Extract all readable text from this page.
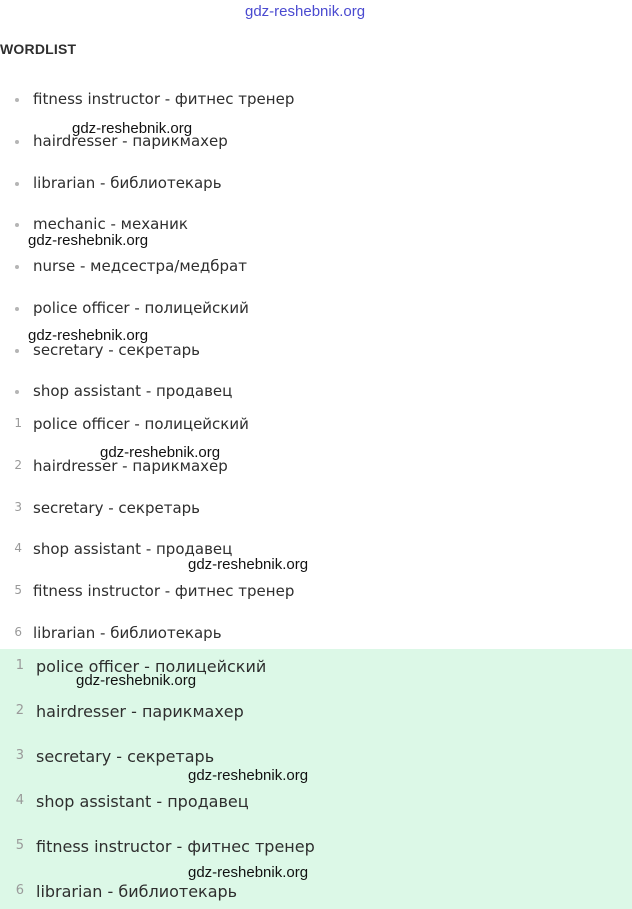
gdz-reshebnik.org
WORDLIST
fitness instructor - фитнес тренер
hairdresser - парикмахер
librarian - библиотекарь
mechanic - механик
nurse - медсестра/медбрат
police officer - полицейский
secretary - секретарь
shop assistant - продавец
1 police officer - полицейский
2 hairdresser - парикмахер
3 secretary - секретарь
4 shop assistant - продавец
5 fitness instructor - фитнес тренер
6 librarian - библиотекарь
1 police officer - полицейский
2 hairdresser - парикмахер
3 secretary - секретарь
4 shop assistant - продавец
5 fitness instructor - фитнес тренер
6 librarian - библиотекарь
gdz-reshebnik.org
gdz-reshebnik.org
gdz-reshebnik.org
gdz-reshebnik.org
gdz-reshebnik.org
gdz-reshebnik.org
gdz-reshebnik.org
gdz-reshebnik.org
